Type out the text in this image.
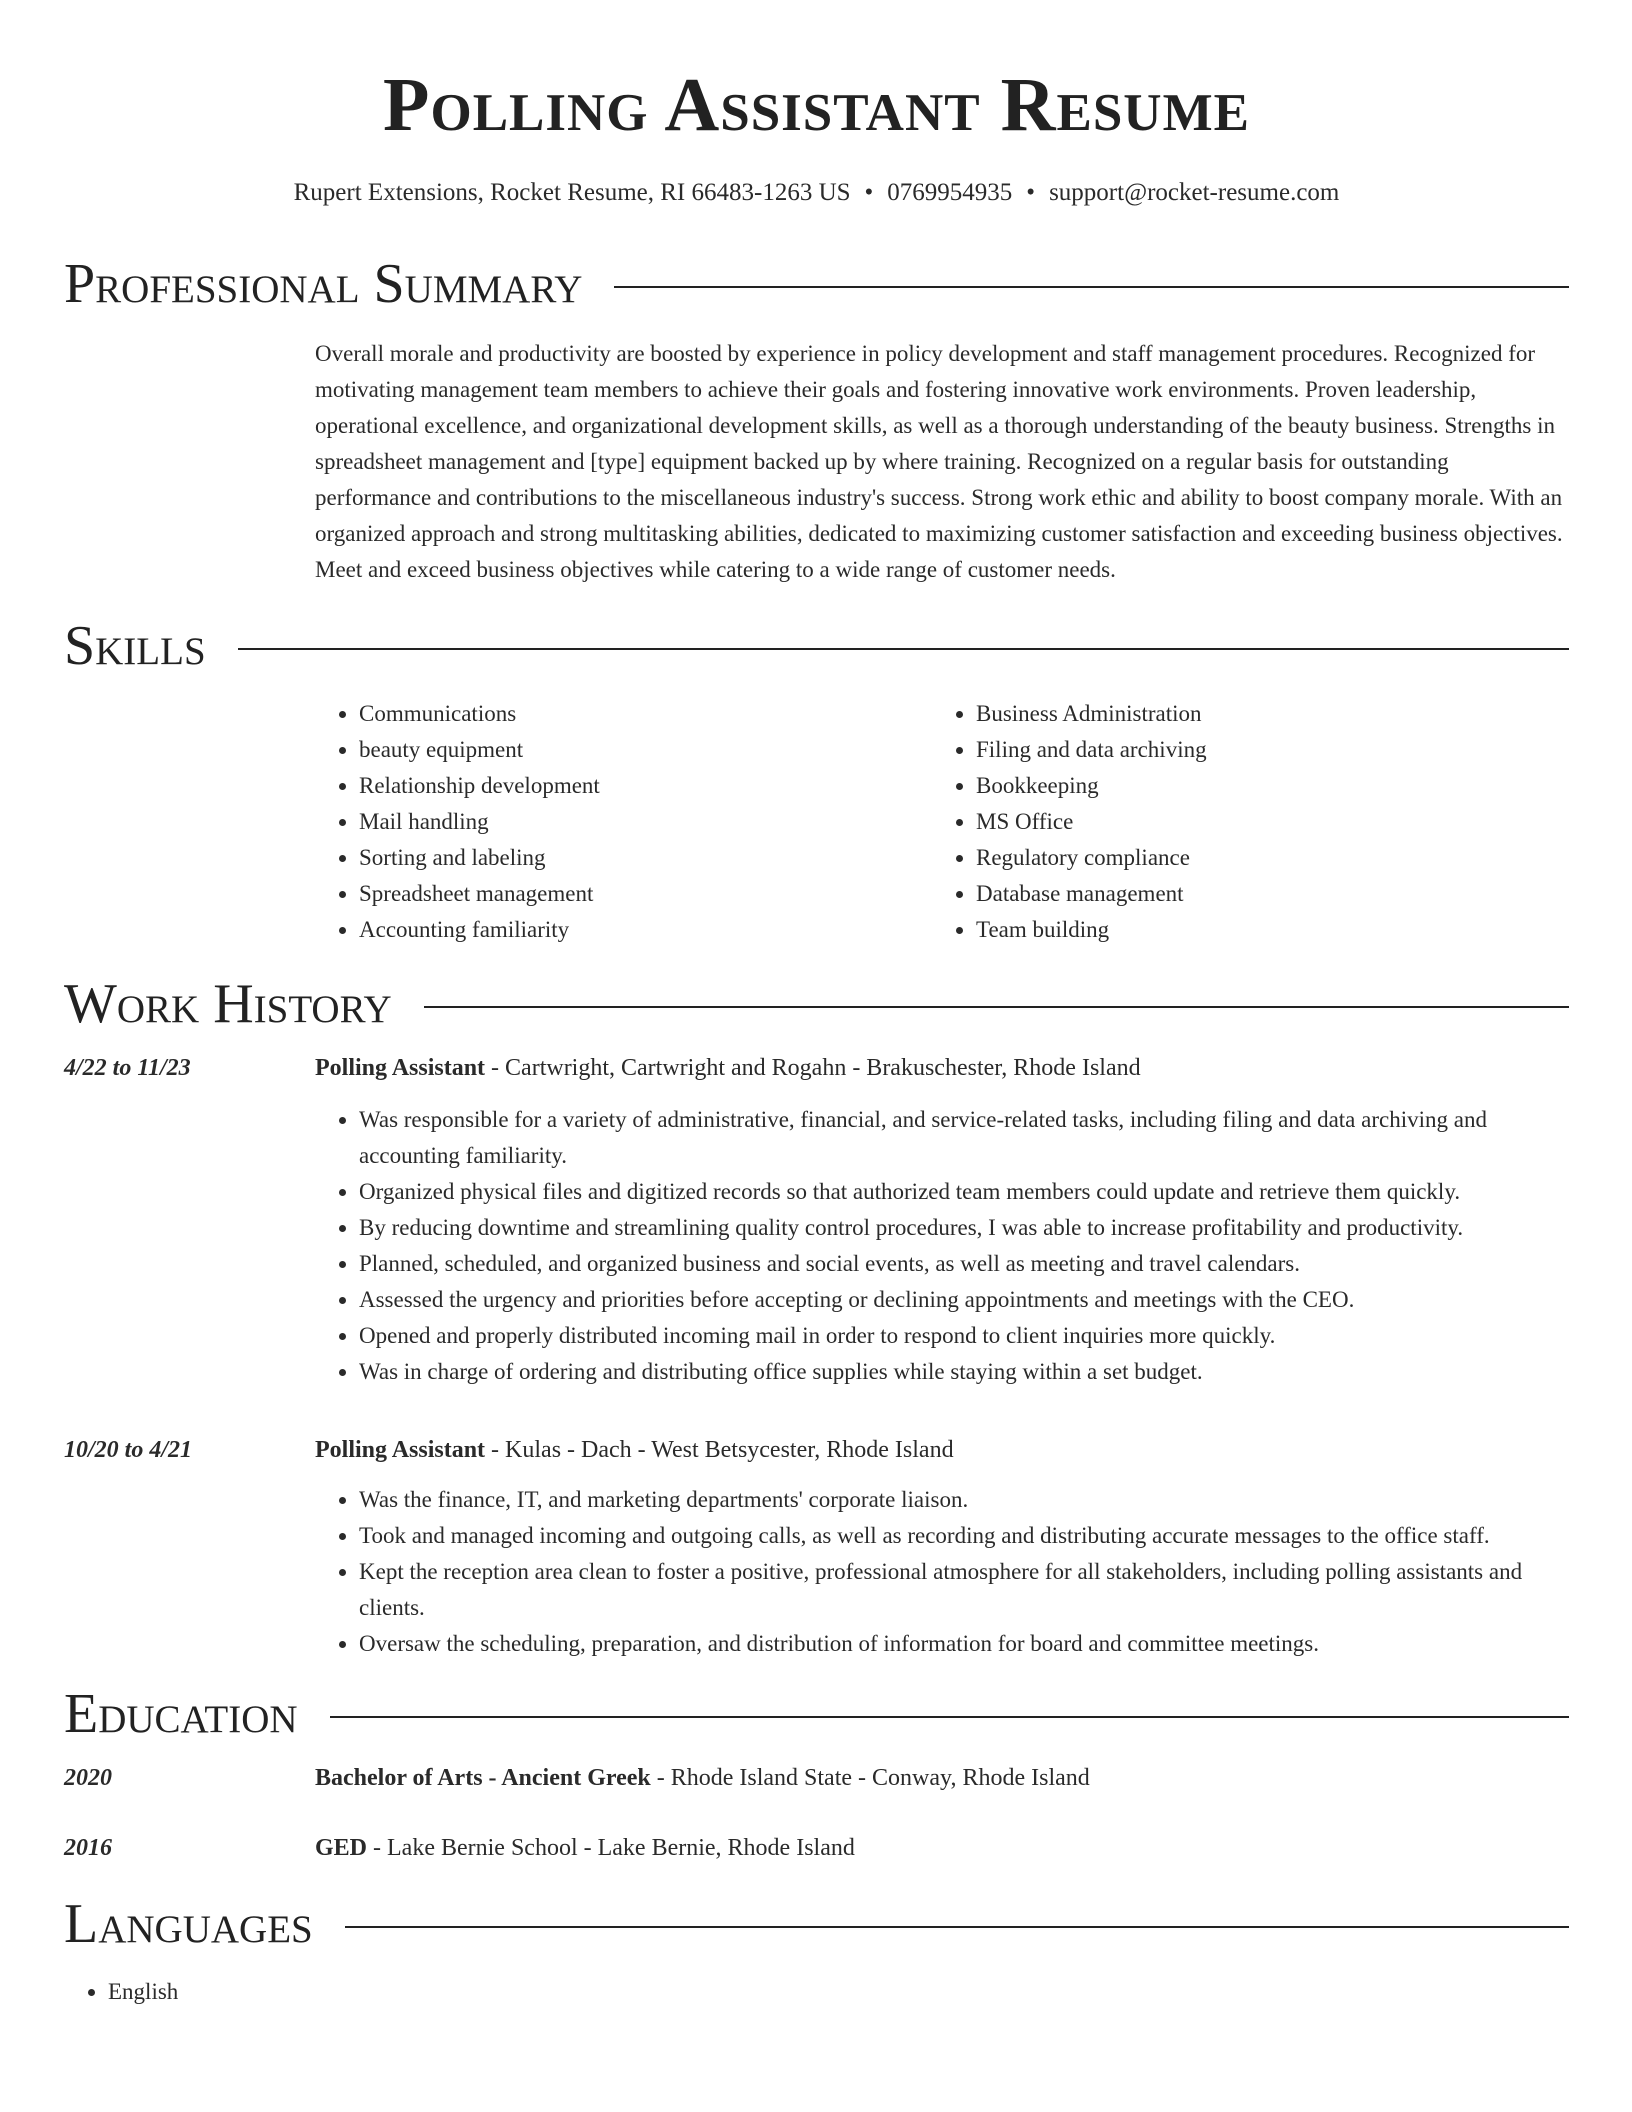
Polling Assistant Resume
Rupert Extensions, Rocket Resume, RI 66483-1263 US • 0769954935 • support@rocket-resume.com
Professional Summary
Overall morale and productivity are boosted by experience in policy development and staff management procedures. Recognized for motivating management team members to achieve their goals and fostering innovative work environments. Proven leadership, operational excellence, and organizational development skills, as well as a thorough understanding of the beauty business. Strengths in spreadsheet management and [type] equipment backed up by where training. Recognized on a regular basis for outstanding performance and contributions to the miscellaneous industry's success. Strong work ethic and ability to boost company morale. With an organized approach and strong multitasking abilities, dedicated to maximizing customer satisfaction and exceeding business objectives. Meet and exceed business objectives while catering to a wide range of customer needs.
Skills
• Communications
• beauty equipment
• Relationship development
• Mail handling
• Sorting and labeling
• Spreadsheet management
• Accounting familiarity
• Business Administration
• Filing and data archiving
• Bookkeeping
• MS Office
• Regulatory compliance
• Database management
• Team building
Work History
4/22 to 11/23	Polling Assistant - Cartwright, Cartwright and Rogahn - Brakuschester, Rhode Island
• Was responsible for a variety of administrative, financial, and service-related tasks, including filing and data archiving and accounting familiarity.
• Organized physical files and digitized records so that authorized team members could update and retrieve them quickly.
• By reducing downtime and streamlining quality control procedures, I was able to increase profitability and productivity.
• Planned, scheduled, and organized business and social events, as well as meeting and travel calendars.
• Assessed the urgency and priorities before accepting or declining appointments and meetings with the CEO.
• Opened and properly distributed incoming mail in order to respond to client inquiries more quickly.
• Was in charge of ordering and distributing office supplies while staying within a set budget.
10/20 to 4/21	Polling Assistant - Kulas - Dach - West Betsycester, Rhode Island
• Was the finance, IT, and marketing departments' corporate liaison.
• Took and managed incoming and outgoing calls, as well as recording and distributing accurate messages to the office staff.
• Kept the reception area clean to foster a positive, professional atmosphere for all stakeholders, including polling assistants and clients.
• Oversaw the scheduling, preparation, and distribution of information for board and committee meetings.
Education
2020	Bachelor of Arts - Ancient Greek - Rhode Island State - Conway, Rhode Island
2016	GED - Lake Bernie School - Lake Bernie, Rhode Island
Languages
• English
